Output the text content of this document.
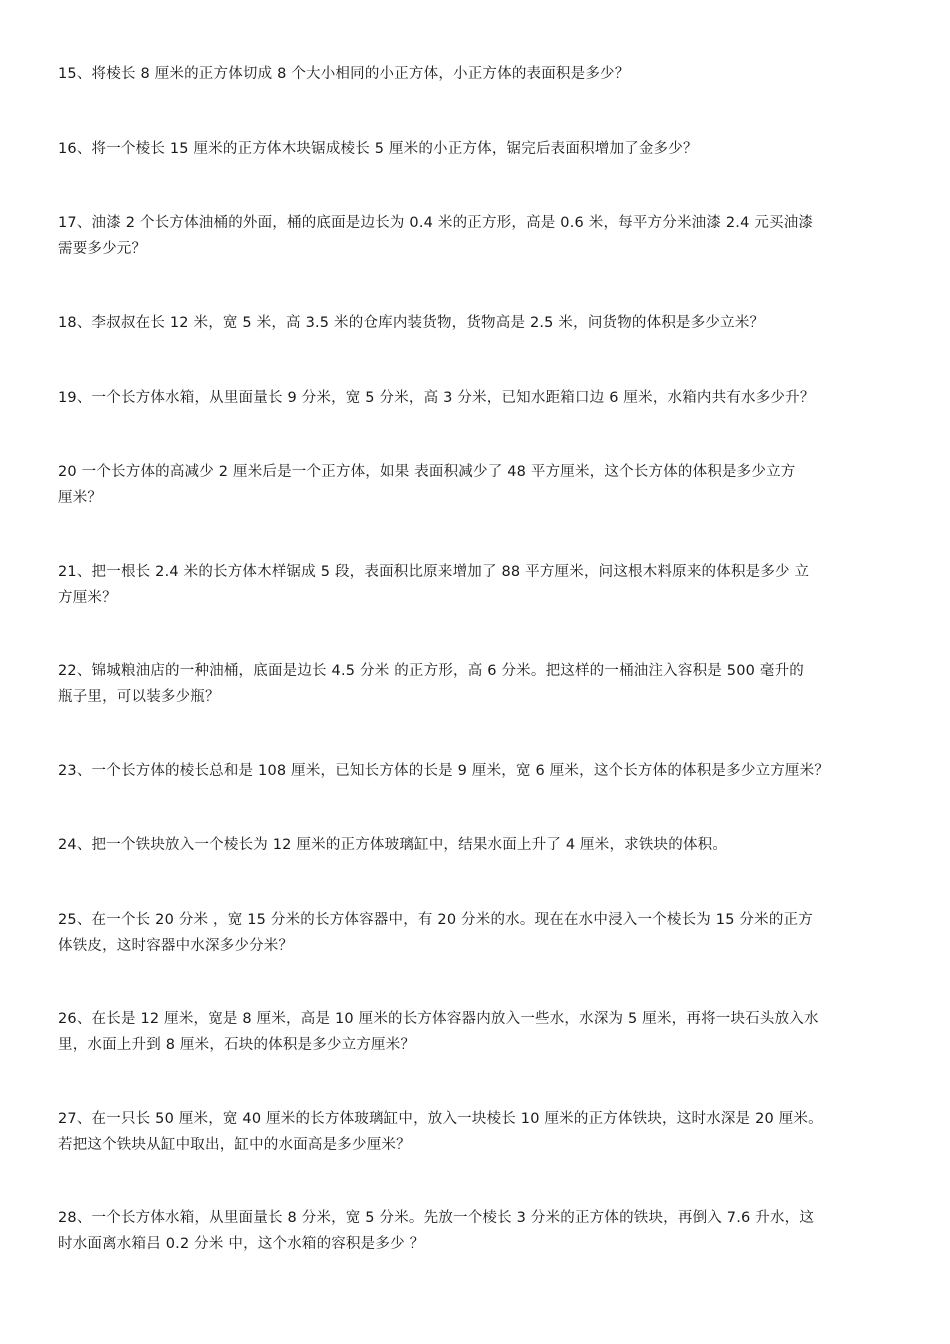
15、将棱长 8 厘米的正方体切成 8 个大小相同的小正方体，小正方体的表面积是多少？
16、将一个棱长 15 厘米的正方体木块锯成棱长 5 厘米的小正方体，锯完后表面积增加了金多少？
17、油漆 2 个长方体油桶的外面，桶的底面是边长为 0.4 米的正方形，高是 0.6 米，每平方分米油漆 2.4 元买油漆
需要多少元？
18、李叔叔在长 12 米，宽 5 米，高 3.5 米的仓库内装货物，货物高是 2.5 米，问货物的体积是多少立米？
19、一个长方体水箱，从里面量长 9 分米，宽 5 分米，高 3 分米，已知水距箱口边 6 厘米，水箱内共有水多少升？
20 一个长方体的高减少 2 厘米后是一个正方体，如果 表面积减少了 48 平方厘米，这个长方体的体积是多少立方
厘米？
21、把一根长 2.4 米的长方体木样锯成 5 段，表面积比原来增加了 88 平方厘米，问这根木料原来的体积是多少 立
方厘米？
22、锦城粮油店的一种油桶，底面是边长 4.5 分米 的正方形，高 6 分米。把这样的一桶油注入容积是 500 毫升的
瓶子里，可以装多少瓶？
23、一个长方体的棱长总和是 108 厘米，已知长方体的长是 9 厘米，宽 6 厘米，这个长方体的体积是多少立方厘米？
24、把一个铁块放入一个棱长为 12 厘米的正方体玻璃缸中，结果水面上升了 4 厘米，求铁块的体积。
25、在一个长 20 分米 ，宽 15 分米的长方体容器中，有 20 分米的水。现在在水中浸入一个棱长为 15 分米的正方
体铁皮，这时容器中水深多少分米？
26、在长是 12 厘米，宽是 8 厘米，高是 10 厘米的长方体容器内放入一些水，水深为 5 厘米，再将一块石头放入水
里，水面上升到 8 厘米，石块的体积是多少立方厘米？
27、在一只长 50 厘米，宽 40 厘米的长方体玻璃缸中，放入一块棱长 10 厘米的正方体铁块，这时水深是 20 厘米。
若把这个铁块从缸中取出，缸中的水面高是多少厘米？
28、一个长方体水箱，从里面量长 8 分米，宽 5 分米。先放一个棱长 3 分米的正方体的铁块，再倒入 7.6 升水，这
时水面离水箱吕 0.2 分米 中，这个水箱的容积是多少 ？
